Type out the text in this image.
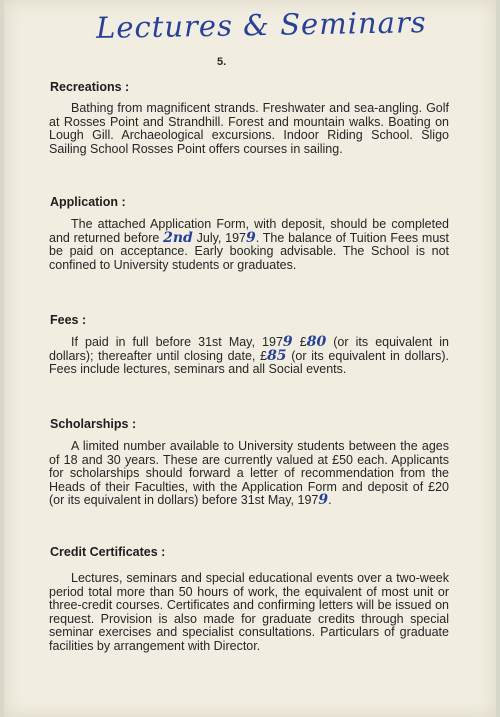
Lectures & Seminars
5.
Recreations :

Bathing from magnificent strands. Freshwater and sea-angling. Golf at Rosses Point and Strandhill. Forest and mountain walks. Boating on Lough Gill. Archaeological excursions. Indoor Riding School. Sligo Sailing School Rosses Point offers courses in sailing.

Application :

The attached Application Form, with deposit, should be completed and returned before 2nd July, 1979. The balance of Tuition Fees must be paid on acceptance. Early booking advisable. The School is not confined to University students or graduates.

Fees :

If paid in full before 31st May, 1979 £80 (or its equivalent in dollars); thereafter until closing date, £85 (or its equivalent in dollars). Fees include lectures, seminars and all Social events.

Scholarships :

A limited number available to University students between the ages of 18 and 30 years. These are currently valued at £50 each. Applicants for scholarships should forward a letter of recommendation from the Heads of their Faculties, with the Application Form and deposit of £20 (or its equivalent in dollars) before 31st May, 1979.

Credit Certificates :

Lectures, seminars and special educational events over a two-week period total more than 50 hours of work, the equivalent of most unit or three-credit courses. Certificates and confirming letters will be issued on request. Provision is also made for graduate credits through special seminar exercises and specialist consultations. Particulars of graduate facilities by arrangement with Director.
